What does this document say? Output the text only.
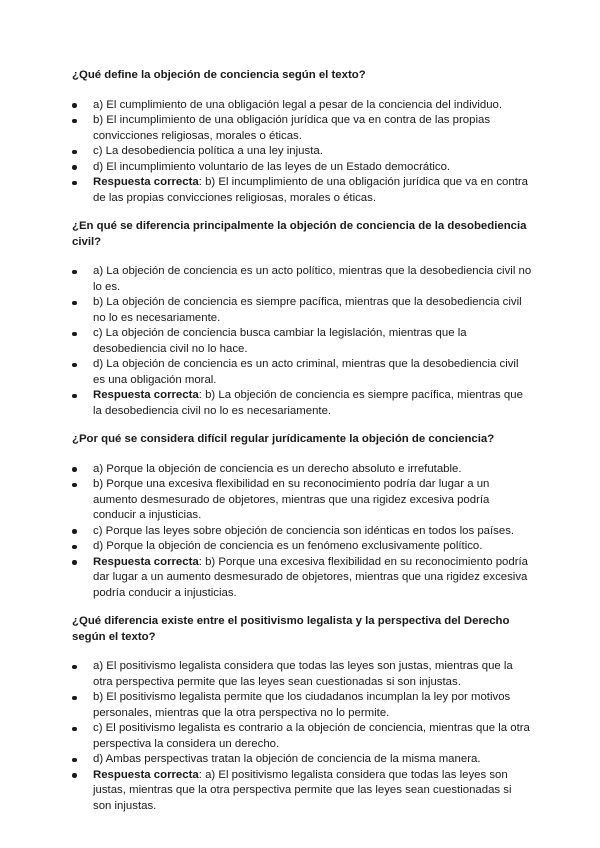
¿Qué define la objeción de conciencia según el texto?

a) El cumplimiento de una obligación legal a pesar de la conciencia del individuo.
b) El incumplimiento de una obligación jurídica que va en contra de las propias convicciones religiosas, morales o éticas.
c) La desobediencia política a una ley injusta.
d) El incumplimiento voluntario de las leyes de un Estado democrático.
Respuesta correcta: b) El incumplimiento de una obligación jurídica que va en contra de las propias convicciones religiosas, morales o éticas.

¿En qué se diferencia principalmente la objeción de conciencia de la desobediencia civil?

a) La objeción de conciencia es un acto político, mientras que la desobediencia civil no lo es.
b) La objeción de conciencia es siempre pacífica, mientras que la desobediencia civil no lo es necesariamente.
c) La objeción de conciencia busca cambiar la legislación, mientras que la desobediencia civil no lo hace.
d) La objeción de conciencia es un acto criminal, mientras que la desobediencia civil es una obligación moral.
Respuesta correcta: b) La objeción de conciencia es siempre pacífica, mientras que la desobediencia civil no lo es necesariamente.

¿Por qué se considera difícil regular jurídicamente la objeción de conciencia?

a) Porque la objeción de conciencia es un derecho absoluto e irrefutable.
b) Porque una excesiva flexibilidad en su reconocimiento podría dar lugar a un aumento desmesurado de objetores, mientras que una rigidez excesiva podría conducir a injusticias.
c) Porque las leyes sobre objeción de conciencia son idénticas en todos los países.
d) Porque la objeción de conciencia es un fenómeno exclusivamente político.
Respuesta correcta: b) Porque una excesiva flexibilidad en su reconocimiento podría dar lugar a un aumento desmesurado de objetores, mientras que una rigidez excesiva podría conducir a injusticias.

¿Qué diferencia existe entre el positivismo legalista y la perspectiva del Derecho según el texto?

a) El positivismo legalista considera que todas las leyes son justas, mientras que la otra perspectiva permite que las leyes sean cuestionadas si son injustas.
b) El positivismo legalista permite que los ciudadanos incumplan la ley por motivos personales, mientras que la otra perspectiva no lo permite.
c) El positivismo legalista es contrario a la objeción de conciencia, mientras que la otra perspectiva la considera un derecho.
d) Ambas perspectivas tratan la objeción de conciencia de la misma manera.
Respuesta correcta: a) El positivismo legalista considera que todas las leyes son justas, mientras que la otra perspectiva permite que las leyes sean cuestionadas si son injustas.
